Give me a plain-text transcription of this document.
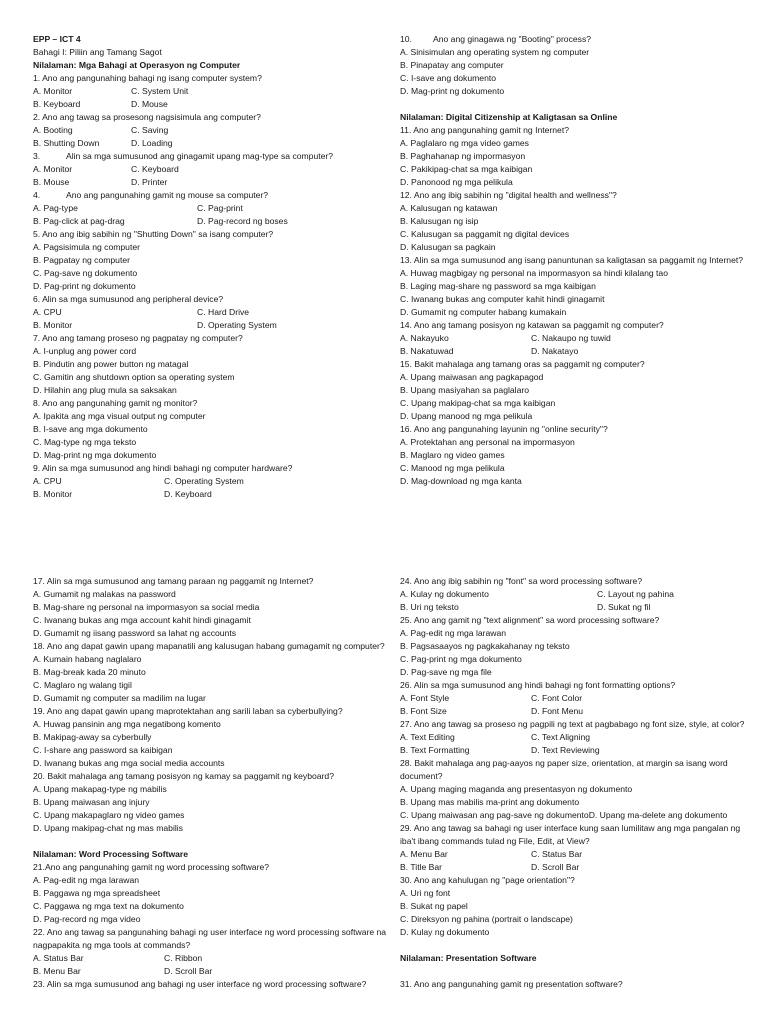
EPP – ICT 4

Bahagi I: Piliin ang Tamang Sagot

Nilalaman: Mga Bahagi at Operasyon ng Computer

1. Ano ang pangunahing bahagi ng isang computer system?

A. Monitor	C. System Unit
B. Keyboard	D. Mouse

2. Ano ang tawag sa prosesong nagsisimula ang computer?

A. Booting	C. Saving
B. Shutting Down	D. Loading
3.	Alin sa mga sumusunod ang ginagamit upang mag-type sa computer?
A. Monitor	C. Keyboard
B. Mouse	D. Printer
4.	Ano ang pangunahing gamit ng mouse sa computer?
A. Pag-type	C. Pag-print
B. Pag-click at pag-drag	D. Pag-record ng boses

5. Ano ang ibig sabihin ng "Shutting Down" sa isang computer?

A. Pagsisimula ng computer

B. Pagpatay ng computer

C. Pag-save ng dokumento

D. Pag-print ng dokumento

6. Alin sa mga sumusunod ang peripheral device?

A. CPU	C. Hard Drive
B. Monitor	D. Operating System

7. Ano ang tamang proseso ng pagpatay ng computer?

A. I-unplug ang power cord

B. Pindutin ang power button ng matagal

C. Gamitin ang shutdown option sa operating system

D. Hilahin ang plug mula sa saksakan

8. Ano ang pangunahing gamit ng monitor?

A. Ipakita ang mga visual output ng computer

B. I-save ang mga dokumento

C. Mag-type ng mga teksto

D. Mag-print ng mga dokumento

9. Alin sa mga sumusunod ang hindi bahagi ng computer hardware?

A. CPU	C. Operating System
B. Monitor	D. Keyboard
10.	Ano ang ginagawa ng "Booting" process?

A. Sinisimulan ang operating system ng computer

B. Pinapatay ang computer

C. I-save ang dokumento

D. Mag-print ng dokumento

Nilalaman: Digital Citizenship at Kaligtasan sa Online

11. Ano ang pangunahing gamit ng Internet?

A. Paglalaro ng mga video games

B. Paghahanap ng impormasyon

C. Pakikipag-chat sa mga kaibigan

D. Panonood ng mga pelikula

12. Ano ang ibig sabihin ng "digital health and wellness"?

A. Kalusugan ng katawan

B. Kalusugan ng isip

C. Kalusugan sa paggamit ng digital devices

D. Kalusugan sa pagkain

13. Alin sa mga sumusunod ang isang panuntunan sa kaligtasan sa paggamit ng Internet?

A. Huwag magbigay ng personal na impormasyon sa hindi kilalang tao

B. Laging mag-share ng password sa mga kaibigan

C. Iwanang bukas ang computer kahit hindi ginagamit

D. Gumamit ng computer habang kumakain

14. Ano ang tamang posisyon ng katawan sa paggamit ng computer?

A. Nakayuko	C. Nakaupo ng tuwid
B. Nakatuwad	D. Nakatayo

15. Bakit mahalaga ang tamang oras sa paggamit ng computer?

A. Upang maiwasan ang pagkapagod

B. Upang masiyahan sa paglalaro

C. Upang makipag-chat sa mga kaibigan

D. Upang manood ng mga pelikula

16. Ano ang pangunahing layunin ng "online security"?

A. Protektahan ang personal na impormasyon

B. Maglaro ng video games

C. Manood ng mga pelikula

D. Mag-download ng mga kanta

17. Alin sa mga sumusunod ang tamang paraan ng paggamit ng Internet?

A. Gumamit ng malakas na password

B. Mag-share ng personal na impormasyon sa social media

C. Iwanang bukas ang mga account kahit hindi ginagamit

D. Gumamit ng iisang password sa lahat ng accounts

18. Ano ang dapat gawin upang mapanatili ang kalusugan habang gumagamit ng computer?

A. Kumain habang naglalaro

B. Mag-break kada 20 minuto

C. Maglaro ng walang tigil

D. Gumamit ng computer sa madilim na lugar

19. Ano ang dapat gawin upang maprotektahan ang sarili laban sa cyberbullying?

A. Huwag pansinin ang mga negatibong komento

B. Makipag-away sa cyberbully

C. I-share ang password sa kaibigan

D. Iwanang bukas ang mga social media accounts

20. Bakit mahalaga ang tamang posisyon ng kamay sa paggamit ng keyboard?

A. Upang makapag-type ng mabilis

B. Upang maiwasan ang injury

C. Upang makapaglaro ng video games

D. Upang makipag-chat ng mas mabilis

Nilalaman: Word Processing Software

21.Ano ang pangunahing gamit ng word processing software?

A. Pag-edit ng mga larawan

B. Paggawa ng mga spreadsheet

C. Paggawa ng mga text na dokumento

D. Pag-record ng mga video

22. Ano ang tawag sa pangunahing bahagi ng user interface ng word processing software na nagpapakita ng mga tools at commands?

A. Status Bar	C. Ribbon
B. Menu Bar	D. Scroll Bar

23. Alin sa mga sumusunod ang bahagi ng user interface ng word processing software?

24. Ano ang ibig sabihin ng "font" sa word processing software?

A. Kulay ng dokumento	C. Layout ng pahina
B. Uri ng teksto	D. Sukat ng fil

25. Ano ang gamit ng "text alignment" sa word processing software?

A. Pag-edit ng mga larawan

B. Pagsasaayos ng pagkakahanay ng teksto

C. Pag-print ng mga dokumento

D. Pag-save ng mga file

26. Alin sa mga sumusunod ang hindi bahagi ng font formatting options?

A. Font Style	C. Font Color
B. Font Size	D. Font Menu

27. Ano ang tawag sa proseso ng pagpili ng text at pagbabago ng font size, style, at color?

A. Text Editing	C. Text Aligning
B. Text Formatting	D. Text Reviewing

28. Bakit mahalaga ang pag-aayos ng paper size, orientation, at margin sa isang word document?

A. Upang maging maganda ang presentasyon ng dokumento

B. Upang mas mabilis ma-print ang dokumento

C. Upang maiwasan ang pag-save ng dokumentoD. Upang ma-delete ang dokumento

29. Ano ang tawag sa bahagi ng user interface kung saan lumilitaw ang mga pangalan ng iba't ibang commands tulad ng File, Edit, at View?

A. Menu Bar	C. Status Bar
B. Title Bar	D. Scroll Bar

30. Ano ang kahulugan ng "page orientation"?

A. Uri ng font

B. Sukat ng papel

C. Direksyon ng pahina (portrait o landscape)

D. Kulay ng dokumento

Nilalaman: Presentation Software

31. Ano ang pangunahing gamit ng presentation software?
